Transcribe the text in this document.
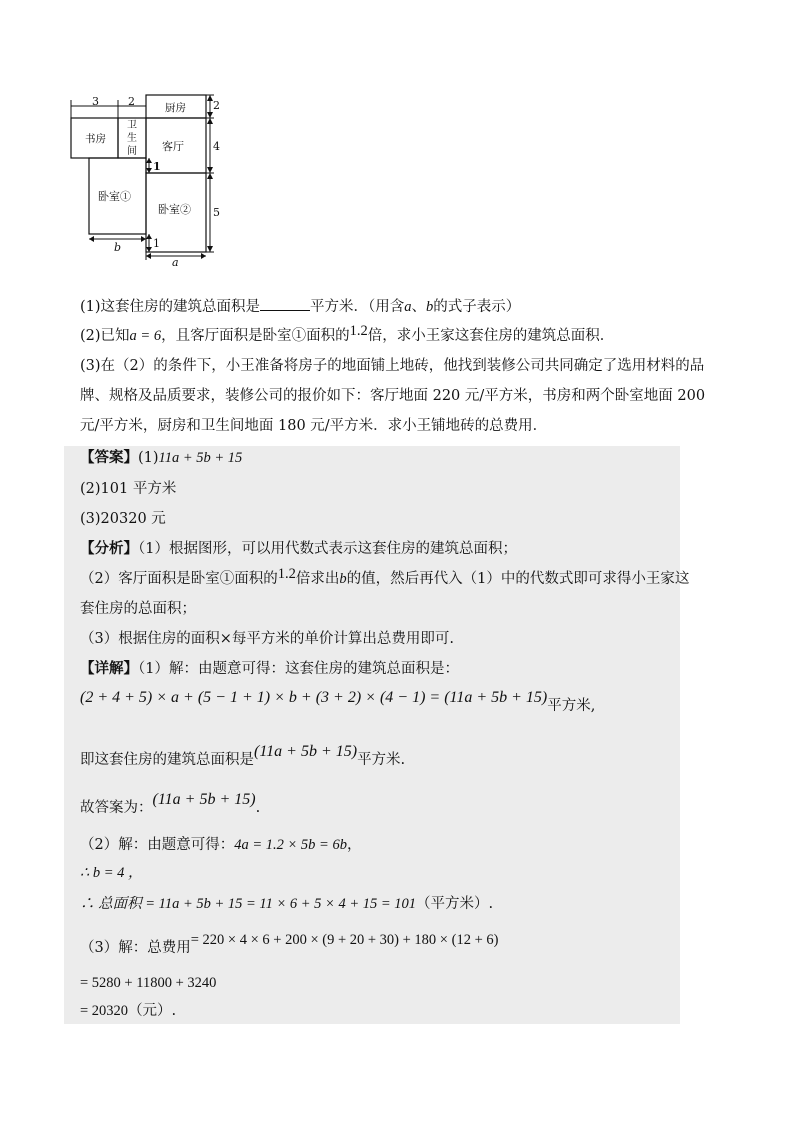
3	2	2
4
5
1
1
b
a
厨房
书房
卫
生
间 客厅
卧室①
卧室②
(1)这套住房的建筑总面积是	平方米．（用含a、b的式子表示）
(2)已知a = 6，且客厅面积是卧室①面积的1.2倍，求小王家这套住房的建筑总面积．
(3)在（2）的条件下，小王准备将房子的地面铺上地砖，他找到装修公司共同确定了选用材料的品
牌、规格及品质要求，装修公司的报价如下：客厅地面 220 元/平方米，书房和两个卧室地面 200
元/平方米，厨房和卫生间地面 180 元/平方米．求小王铺地砖的总费用．
【答案】(1)11a + 5b + 15
(2)101 平方米
(3)20320 元
【分析】（1）根据图形，可以用代数式表示这套住房的建筑总面积；
（2）客厅面积是卧室①面积的1.2倍求出b的值，然后再代入（1）中的代数式即可求得小王家这
套住房的总面积；
（3）根据住房的面积×每平方米的单价计算出总费用即可.
【详解】（1）解：由题意可得：这套住房的建筑总面积是：
(2 + 4 + 5) × a + (5 − 1 + 1) × b + (3 + 2) × (4 − 1) = (11a + 5b + 15)平方米,
即这套住房的建筑总面积是(11a + 5b + 15)平方米.
故答案为：(11a + 5b + 15).
（2）解：由题意可得：4a = 1.2 × 5b = 6b，
∴ b = 4 ，
∴ 总面积 = 11a + 5b + 15 = 11 × 6 + 5 × 4 + 15 = 101（平方米）.
（3）解：总费用= 220 × 4 × 6 + 200 × (9 + 20 + 30) + 180 × (12 + 6)
= 5280 + 11800 + 3240
= 20320（元）.
